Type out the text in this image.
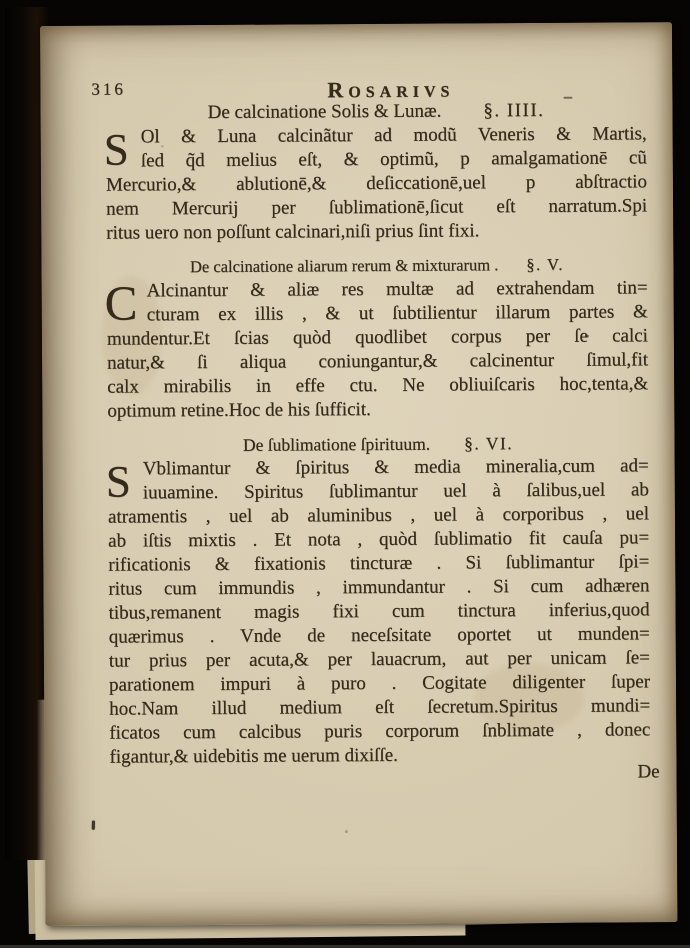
316	ROSARIVS
De calcinatione Solis & Lunæ. §. IIII.
S Ol & Luna calcinãtur ad modũ Veneris & Martis,
ſed q̃d melius eſt, & optimũ, p amalgamationē cũ
Mercurio,& ablutionē,& deſiccationē,uel p abſtractio
nem Mercurij per ſublimationē,ſicut eſt narratum.Spi
ritus uero non poſſunt calcinari,niſi prius ſint fixi.
De calcinatione aliarum rerum & mixturarum . §. V.
C Alcinantur & aliæ res multæ ad extrahendam tin=
cturam ex illis , & ut ſubtilientur illarum partes &
mundentur.Et ſcias quòd quodlibet corpus per ſe calci
natur,& ſi aliqua coniungantur,& calcinentur ſimul,fit
calx mirabilis in effe ctu. Ne obliuiſcaris hoc,tenta,&
optimum retine.Hoc de his ſufficit.
De ſublimatione ſpirituum. §. VI.
S Vblimantur & ſpiritus & media mineralia,cum ad=
iuuamine. Spiritus ſublimantur uel à ſalibus,uel ab
atramentis , uel ab aluminibus , uel à corporibus , uel
ab iſtis mixtis . Et nota , quòd ſublimatio fit cauſa pu=
rificationis & fixationis tincturæ . Si ſublimantur ſpi=
ritus cum immundis , immundantur . Si cum adhæren
tibus,remanent magis fixi cum tinctura inferius,quod
quærimus . Vnde de neceſsitate oportet ut munden=
tur prius per acuta,& per lauacrum, aut per unicam ſe=
parationem impuri à puro . Cogitate diligenter ſuper
hoc.Nam illud medium eſt ſecretum.Spiritus mundi=
ficatos cum calcibus puris corporum ſnblimate , donec
figantur,& uidebitis me uerum dixiſſe.
De
